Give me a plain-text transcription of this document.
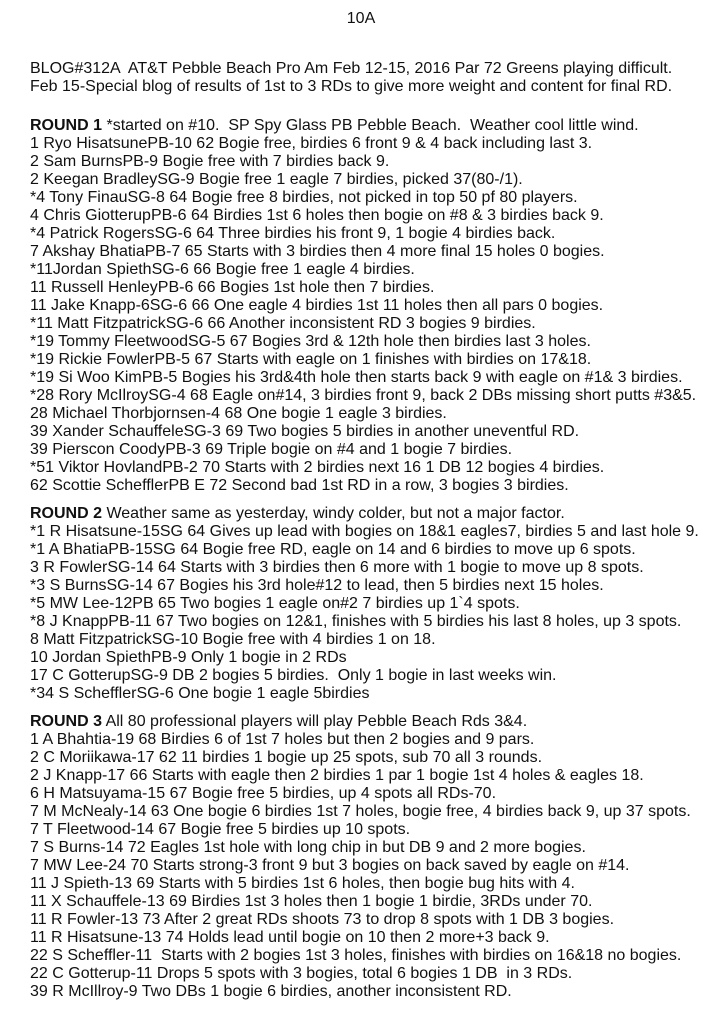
10A
BLOG#312A  AT&T Pebble Beach Pro Am Feb 12-15, 2016 Par 72 Greens playing difficult.
Feb 15-Special blog of results of 1st to 3 RDs to give more weight and content for final RD.
ROUND 1 *started on #10.  SP Spy Glass PB Pebble Beach.  Weather cool little wind.
1 Ryo HisatsunePB-10 62 Bogie free, birdies 6 front 9 & 4 back including last 3.
2 Sam BurnsPB-9 Bogie free with 7 birdies back 9.
2 Keegan BradleySG-9 Bogie free 1 eagle 7 birdies, picked 37(80-/1).
*4 Tony FinauSG-8 64 Bogie free 8 birdies, not picked in top 50 pf 80 players.
4 Chris GiotterupPB-6 64 Birdies 1st 6 holes then bogie on #8 & 3 birdies back 9.
*4 Patrick RogersSG-6 64 Three birdies his front 9, 1 bogie 4 birdies back.
7 Akshay BhatiaPB-7 65 Starts with 3 birdies then 4 more final 15 holes 0 bogies.
*11Jordan SpiethSG-6 66 Bogie free 1 eagle 4 birdies.
11 Russell HenleyPB-6 66 Bogies 1st hole then 7 birdies.
11 Jake Knapp-6SG-6 66 One eagle 4 birdies 1st 11 holes then all pars 0 bogies.
*11 Matt FitzpatrickSG-6 66 Another inconsistent RD 3 bogies 9 birdies.
*19 Tommy FleetwoodSG-5 67 Bogies 3rd & 12th hole then birdies last 3 holes.
*19 Rickie FowlerPB-5 67 Starts with eagle on 1 finishes with birdies on 17&18.
*19 Si Woo KimPB-5 Bogies his 3rd&4th hole then starts back 9 with eagle on #1& 3 birdies.
*28 Rory McIlroySG-4 68 Eagle on#14, 3 birdies front 9, back 2 DBs missing short putts #3&5.
28 Michael Thorbjornsen-4 68 One bogie 1 eagle 3 birdies.
39 Xander SchauffeleSG-3 69 Two bogies 5 birdies in another uneventful RD.
39 Pierscon CoodyPB-3 69 Triple bogie on #4 and 1 bogie 7 birdies.
*51 Viktor HovlandPB-2 70 Starts with 2 birdies next 16 1 DB 12 bogies 4 birdies.
62 Scottie SchefflerPB E 72 Second bad 1st RD in a row, 3 bogies 3 birdies.
ROUND 2 Weather same as yesterday, windy colder, but not a major factor.
*1 R Hisatsune-15SG 64 Gives up lead with bogies on 18&1 eagles7, birdies 5 and last hole 9.
*1 A BhatiaPB-15SG 64 Bogie free RD, eagle on 14 and 6 birdies to move up 6 spots.
3 R FowlerSG-14 64 Starts with 3 birdies then 6 more with 1 bogie to move up 8 spots.
*3 S BurnsSG-14 67 Bogies his 3rd hole#12 to lead, then 5 birdies next 15 holes.
*5 MW Lee-12PB 65 Two bogies 1 eagle on#2 7 birdies up 1`4 spots.
*8 J KnappPB-11 67 Two bogies on 12&1, finishes with 5 birdies his last 8 holes, up 3 spots.
8 Matt FitzpatrickSG-10 Bogie free with 4 birdies 1 on 18.
10 Jordan SpiethPB-9 Only 1 bogie in 2 RDs
17 C GotterupSG-9 DB 2 bogies 5 birdies.  Only 1 bogie in last weeks win.
*34 S SchefflerSG-6 One bogie 1 eagle 5birdies
ROUND 3 All 80 professional players will play Pebble Beach Rds 3&4.
1 A Bhahtia-19 68 Birdies 6 of 1st 7 holes but then 2 bogies and 9 pars.
2 C Moriikawa-17 62 11 birdies 1 bogie up 25 spots, sub 70 all 3 rounds.
2 J Knapp-17 66 Starts with eagle then 2 birdies 1 par 1 bogie 1st 4 holes & eagles 18.
6 H Matsuyama-15 67 Bogie free 5 birdies, up 4 spots all RDs-70.
7 M McNealy-14 63 One bogie 6 birdies 1st 7 holes, bogie free, 4 birdies back 9, up 37 spots.
7 T Fleetwood-14 67 Bogie free 5 birdies up 10 spots.
7 S Burns-14 72 Eagles 1st hole with long chip in but DB 9 and 2 more bogies.
7 MW Lee-24 70 Starts strong-3 front 9 but 3 bogies on back saved by eagle on #14.
11 J Spieth-13 69 Starts with 5 birdies 1st 6 holes, then bogie bug hits with 4.
11 X Schauffele-13 69 Birdies 1st 3 holes then 1 bogie 1 birdie, 3RDs under 70.
11 R Fowler-13 73 After 2 great RDs shoots 73 to drop 8 spots with 1 DB 3 bogies.
11 R Hisatsune-13 74 Holds lead until bogie on 10 then 2 more+3 back 9.
22 S Scheffler-11  Starts with 2 bogies 1st 3 holes, finishes with birdies on 16&18 no bogies.
22 C Gotterup-11 Drops 5 spots with 3 bogies, total 6 bogies 1 DB  in 3 RDs.
39 R McIllroy-9 Two DBs 1 bogie 6 birdies, another inconsistent RD.
